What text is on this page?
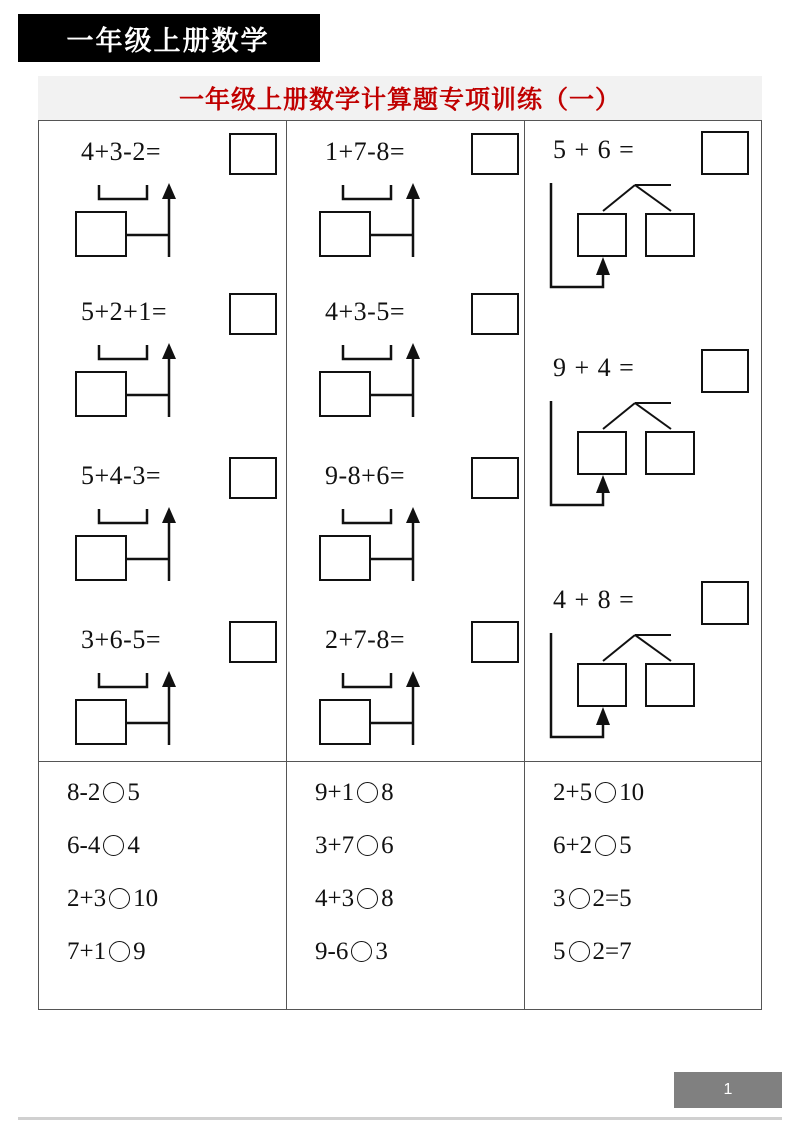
一年级上册数学
一年级上册数学计算题专项训练（一）
4+3-2=
5+2+1=
5+4-3=
3+6-5=
1+7-8=
4+3-5=
9-8+6=
2+7-8=
5 + 6 =
9 + 4 =
4 + 8 =
8-2 5
6-4 4
2+3 10
7+1 9
9+1 8
3+7 6
4+3 8
9-6 3
2+5 10
6+2 5
3 2=5
5 2=7
1
